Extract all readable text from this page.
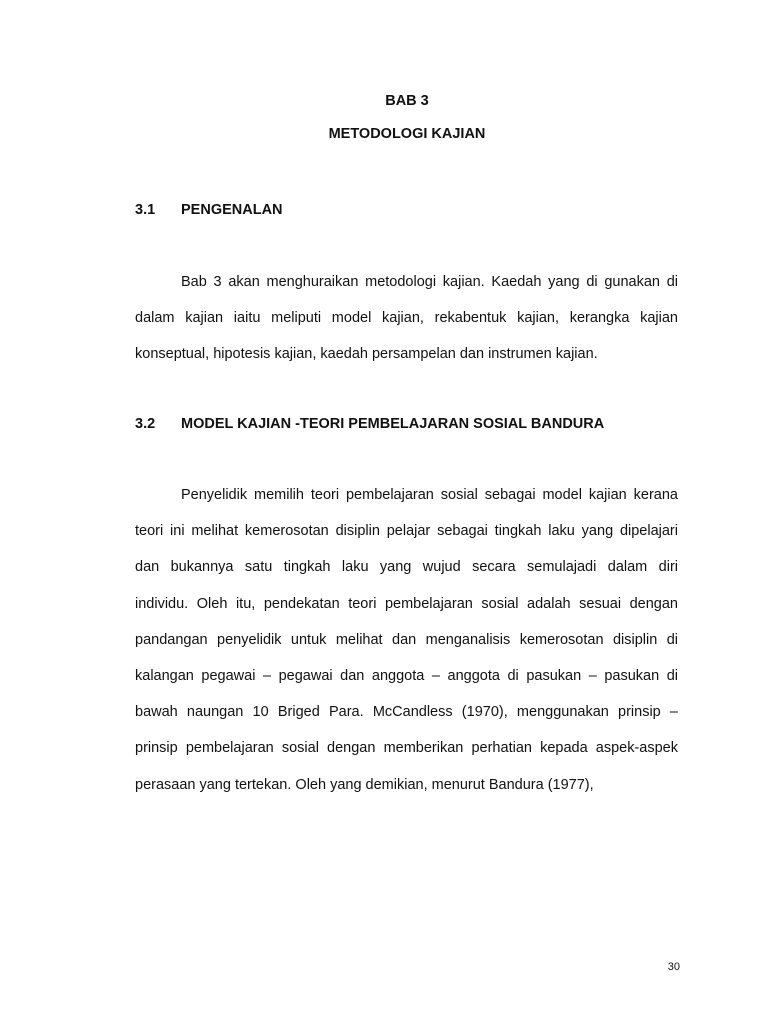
BAB 3
METODOLOGI KAJIAN
3.1 PENGENALAN
Bab 3 akan menghuraikan metodologi kajian. Kaedah yang di gunakan di
dalam kajian iaitu meliputi model kajian, rekabentuk kajian, kerangka kajian
konseptual, hipotesis kajian, kaedah persampelan dan instrumen kajian.
3.2 MODEL KAJIAN -TEORI PEMBELAJARAN SOSIAL BANDURA
Penyelidik memilih teori pembelajaran sosial sebagai model kajian kerana
teori ini melihat kemerosotan disiplin pelajar sebagai tingkah laku yang dipelajari
dan bukannya satu tingkah laku yang wujud secara semulajadi dalam diri
individu. Oleh itu, pendekatan teori pembelajaran sosial adalah sesuai dengan
pandangan penyelidik untuk melihat dan menganalisis kemerosotan disiplin di
kalangan pegawai – pegawai dan anggota – anggota di pasukan – pasukan di
bawah naungan 10 Briged Para. McCandless (1970), menggunakan prinsip –
prinsip pembelajaran sosial dengan memberikan perhatian kepada aspek-aspek
perasaan yang tertekan. Oleh yang demikian, menurut Bandura (1977),
30
